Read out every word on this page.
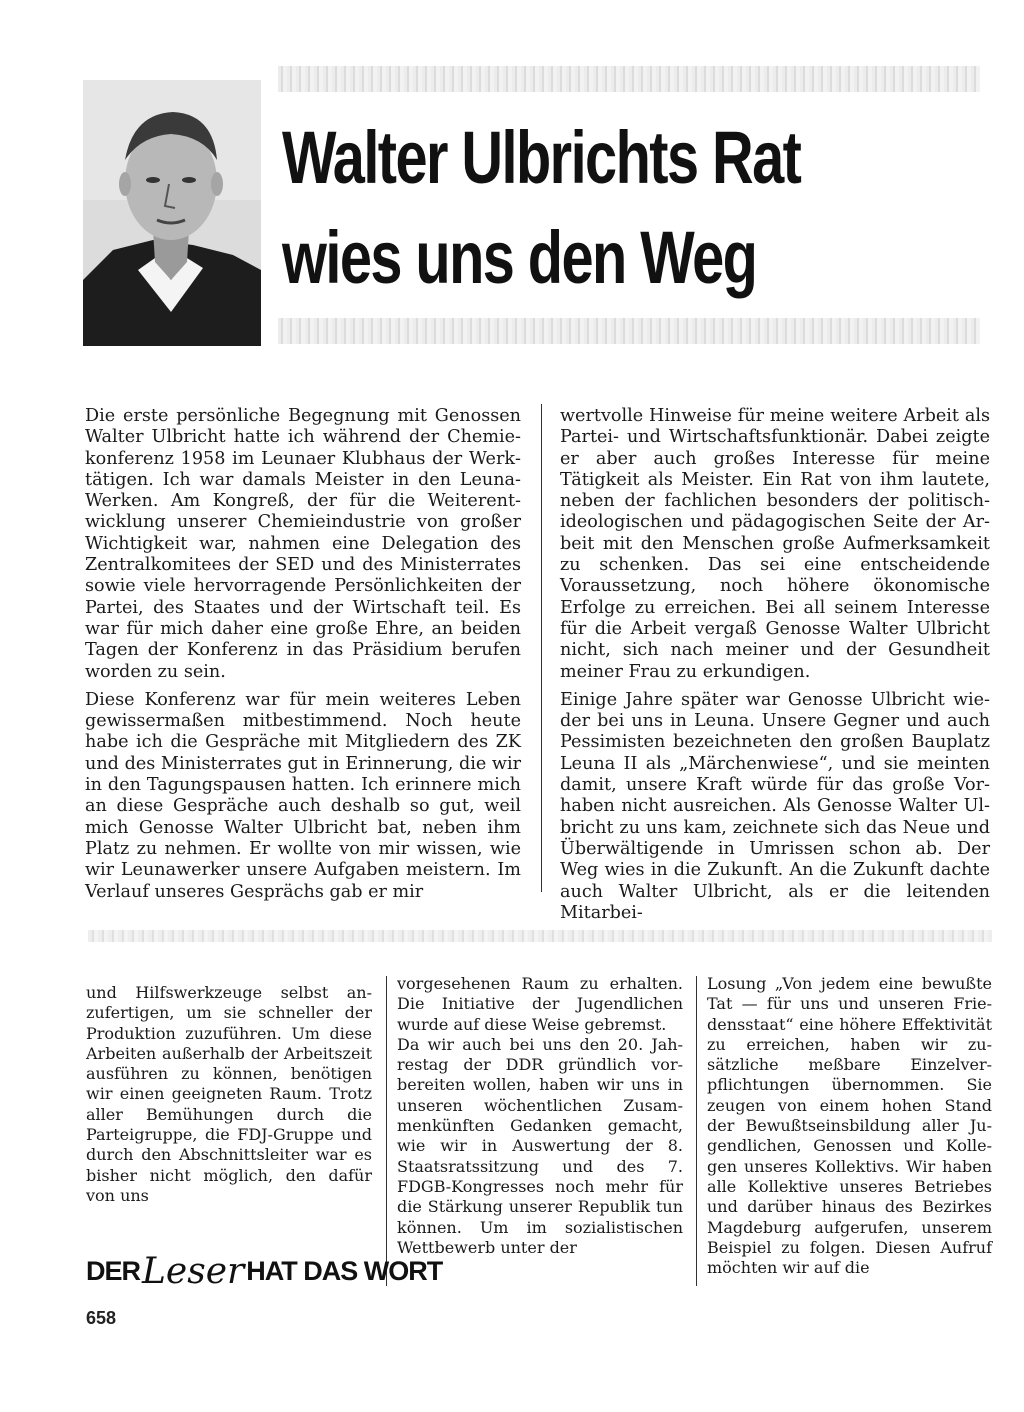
Walter Ulbrichts Rat
wies uns den Weg

Die erste persönliche Begegnung mit Genossen Walter Ulbricht hatte ich während der Chemiekonferenz 1958 im Leunaer Klubhaus der Werktätigen. Ich war damals Meister in den Leuna-Werken. Am Kongreß, der für die Weiterentwicklung unserer Chemieindustrie von großer Wichtigkeit war, nahmen eine Delegation des Zentralkomitees der SED und des Ministerrates sowie viele hervorragende Persönlichkeiten der Partei, des Staates und der Wirtschaft teil. Es war für mich daher eine große Ehre, an beiden Tagen der Konferenz in das Präsidium berufen worden zu sein.

Diese Konferenz war für mein weiteres Leben gewissermaßen mitbestimmend. Noch heute habe ich die Gespräche mit Mitgliedern des ZK und des Ministerrates gut in Erinnerung, die wir in den Tagungspausen hatten. Ich erinnere mich an diese Gespräche auch deshalb so gut, weil mich Genosse Walter Ulbricht bat, neben ihm Platz zu nehmen. Er wollte von mir wissen, wie wir Leunawerker unsere Aufgaben meistern. Im Verlauf unseres Gesprächs gab er mir

wertvolle Hinweise für meine weitere Arbeit als Partei- und Wirtschaftsfunktionär. Dabei zeigte er aber auch großes Interesse für meine Tätigkeit als Meister. Ein Rat von ihm lautete, neben der fachlichen besonders der politisch-ideologischen und pädagogischen Seite der Arbeit mit den Menschen große Aufmerksamkeit zu schenken. Das sei eine entscheidende Voraussetzung, noch höhere ökonomische Erfolge zu erreichen. Bei all seinem Interesse für die Arbeit vergaß Genosse Walter Ulbricht nicht, sich nach meiner und der Gesundheit meiner Frau zu erkundigen.

Einige Jahre später war Genosse Ulbricht wieder bei uns in Leuna. Unsere Gegner und auch Pessimisten bezeichneten den großen Bauplatz Leuna II als „Märchenwiese“, und sie meinten damit, unsere Kraft würde für das große Vorhaben nicht ausreichen. Als Genosse Walter Ulbricht zu uns kam, zeichnete sich das Neue und Überwältigende in Umrissen schon ab. Der Weg wies in die Zukunft. An die Zukunft dachte auch Walter Ulbricht, als er die leitenden Mitarbei-

und Hilfswerkzeuge selbst anzufertigen, um sie schneller der Produktion zuzuführen. Um diese Arbeiten außerhalb der Arbeitszeit ausführen zu können, benötigen wir einen geeigneten Raum. Trotz aller Bemühungen durch die Parteigruppe, die FDJ-Gruppe und durch den Abschnittsleiter war es bisher nicht möglich, den dafür von uns

vorgesehenen Raum zu erhalten. Die Initiative der Jugendlichen wurde auf diese Weise gebremst.

Da wir auch bei uns den 20. Jahrestag der DDR gründlich vorbereiten wollen, haben wir uns in unseren wöchentlichen Zusammenkünften Gedanken gemacht, wie wir in Auswertung der 8. Staatsratssitzung und des 7. FDGB-Kongresses noch mehr für die Stärkung unserer Republik tun können. Um im sozialistischen Wettbewerb unter der

Losung „Von jedem eine bewußte Tat — für uns und unseren Friedensstaat“ eine höhere Effektivität zu erreichen, haben wir zusätzliche meßbare Einzelverpflichtungen übernommen. Sie zeugen von einem hohen Stand der Bewußtseinsbildung aller Jugendlichen, Genossen und Kollegen unseres Kollektivs. Wir haben alle Kollektive unseres Betriebes und darüber hinaus des Bezirkes Magdeburg aufgerufen, unserem Beispiel zu folgen. Diesen Aufruf möchten wir auf die

DER Leser HAT DAS WORT
658
